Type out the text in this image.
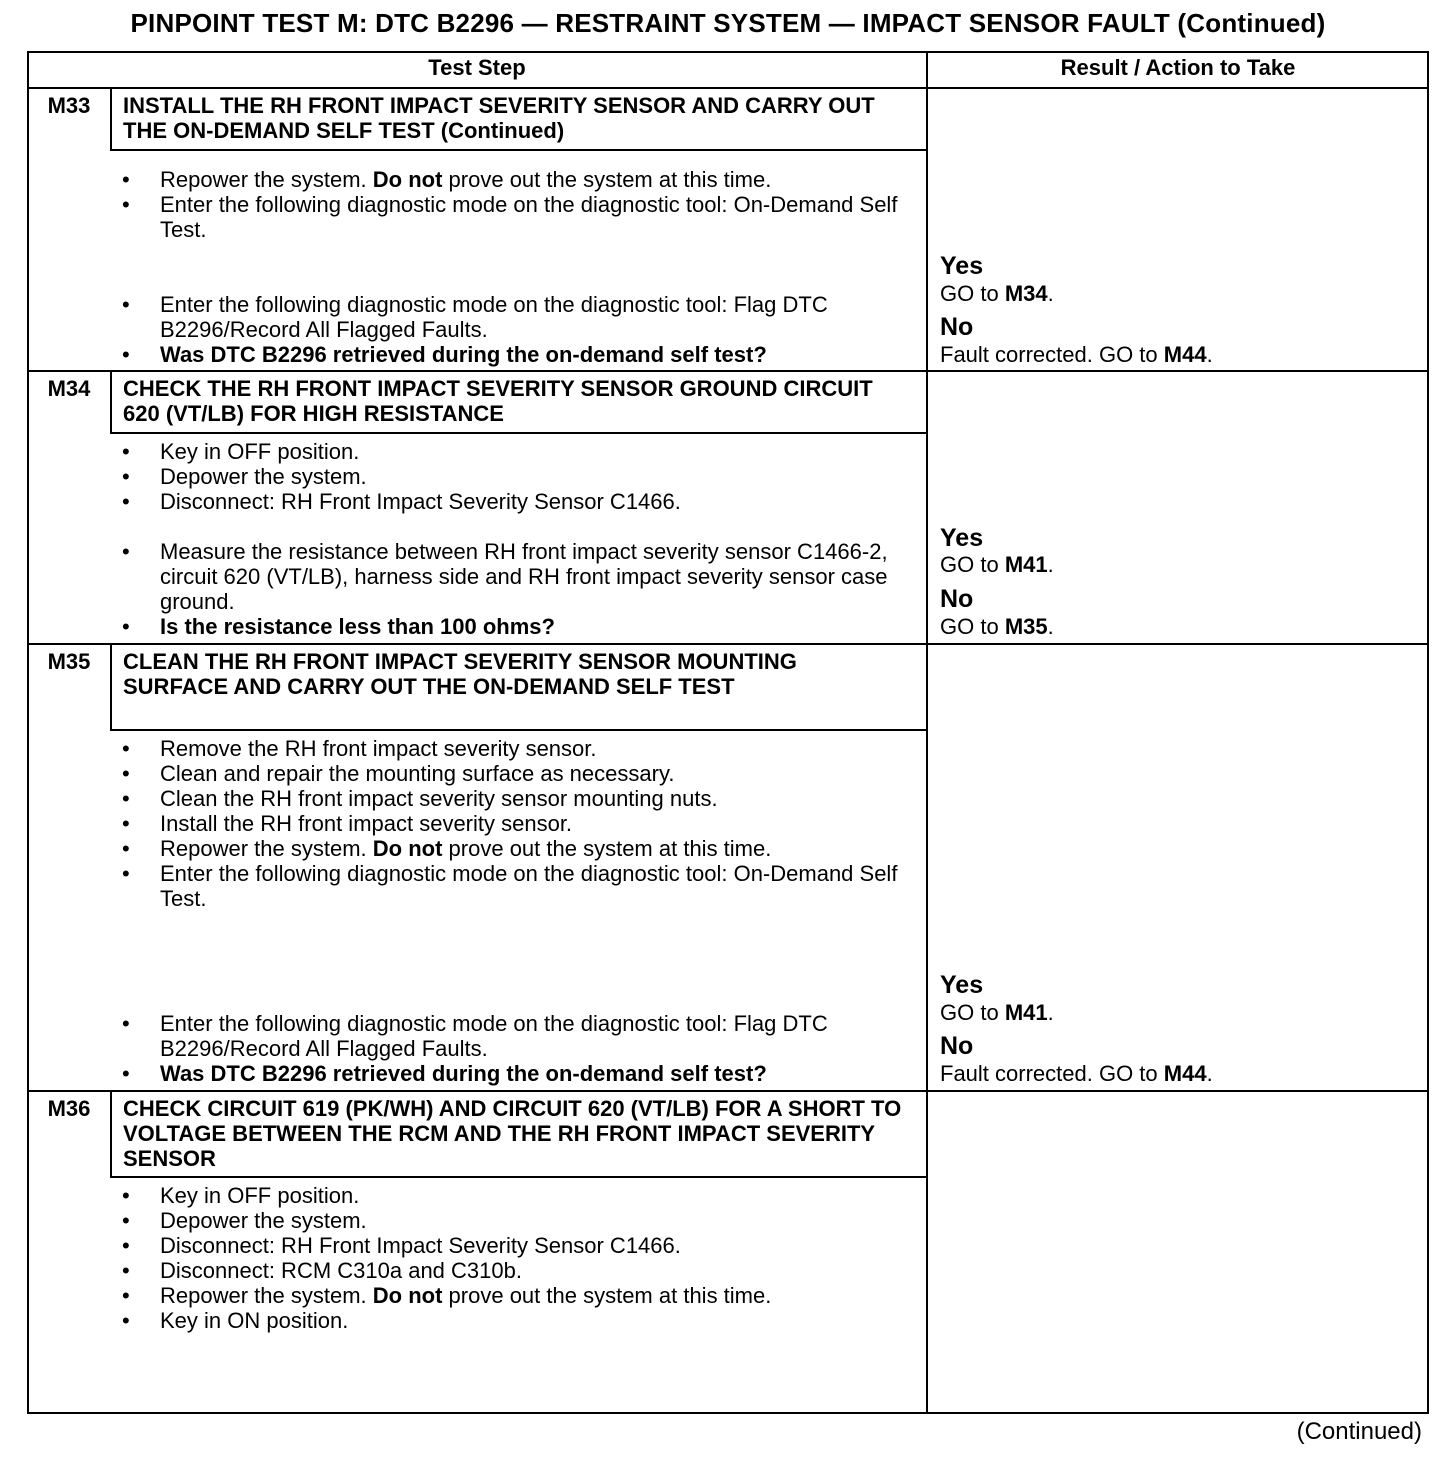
PINPOINT TEST M: DTC B2296 — RESTRAINT SYSTEM — IMPACT SENSOR FAULT (Continued)
Test Step	Result / Action to Take
M33	INSTALL THE RH FRONT IMPACT SEVERITY SENSOR AND CARRY OUT THE ON-DEMAND SELF TEST (Continued)
• Repower the system. Do not prove out the system at this time.
• Enter the following diagnostic mode on the diagnostic tool: On-Demand Self Test.
• Enter the following diagnostic mode on the diagnostic tool: Flag DTC B2296/Record All Flagged Faults.
• Was DTC B2296 retrieved during the on-demand self test?
Yes
GO to M34.
No
Fault corrected. GO to M44.
M34	CHECK THE RH FRONT IMPACT SEVERITY SENSOR GROUND CIRCUIT 620 (VT/LB) FOR HIGH RESISTANCE
• Key in OFF position.
• Depower the system.
• Disconnect: RH Front Impact Severity Sensor C1466.
• Measure the resistance between RH front impact severity sensor C1466-2, circuit 620 (VT/LB), harness side and RH front impact severity sensor case ground.
• Is the resistance less than 100 ohms?
Yes
GO to M41.
No
GO to M35.
M35	CLEAN THE RH FRONT IMPACT SEVERITY SENSOR MOUNTING SURFACE AND CARRY OUT THE ON-DEMAND SELF TEST
• Remove the RH front impact severity sensor.
• Clean and repair the mounting surface as necessary.
• Clean the RH front impact severity sensor mounting nuts.
• Install the RH front impact severity sensor.
• Repower the system. Do not prove out the system at this time.
• Enter the following diagnostic mode on the diagnostic tool: On-Demand Self Test.
• Enter the following diagnostic mode on the diagnostic tool: Flag DTC B2296/Record All Flagged Faults.
• Was DTC B2296 retrieved during the on-demand self test?
Yes
GO to M41.
No
Fault corrected. GO to M44.
M36	CHECK CIRCUIT 619 (PK/WH) AND CIRCUIT 620 (VT/LB) FOR A SHORT TO VOLTAGE BETWEEN THE RCM AND THE RH FRONT IMPACT SEVERITY SENSOR
• Key in OFF position.
• Depower the system.
• Disconnect: RH Front Impact Severity Sensor C1466.
• Disconnect: RCM C310a and C310b.
• Repower the system. Do not prove out the system at this time.
• Key in ON position.
(Continued)
